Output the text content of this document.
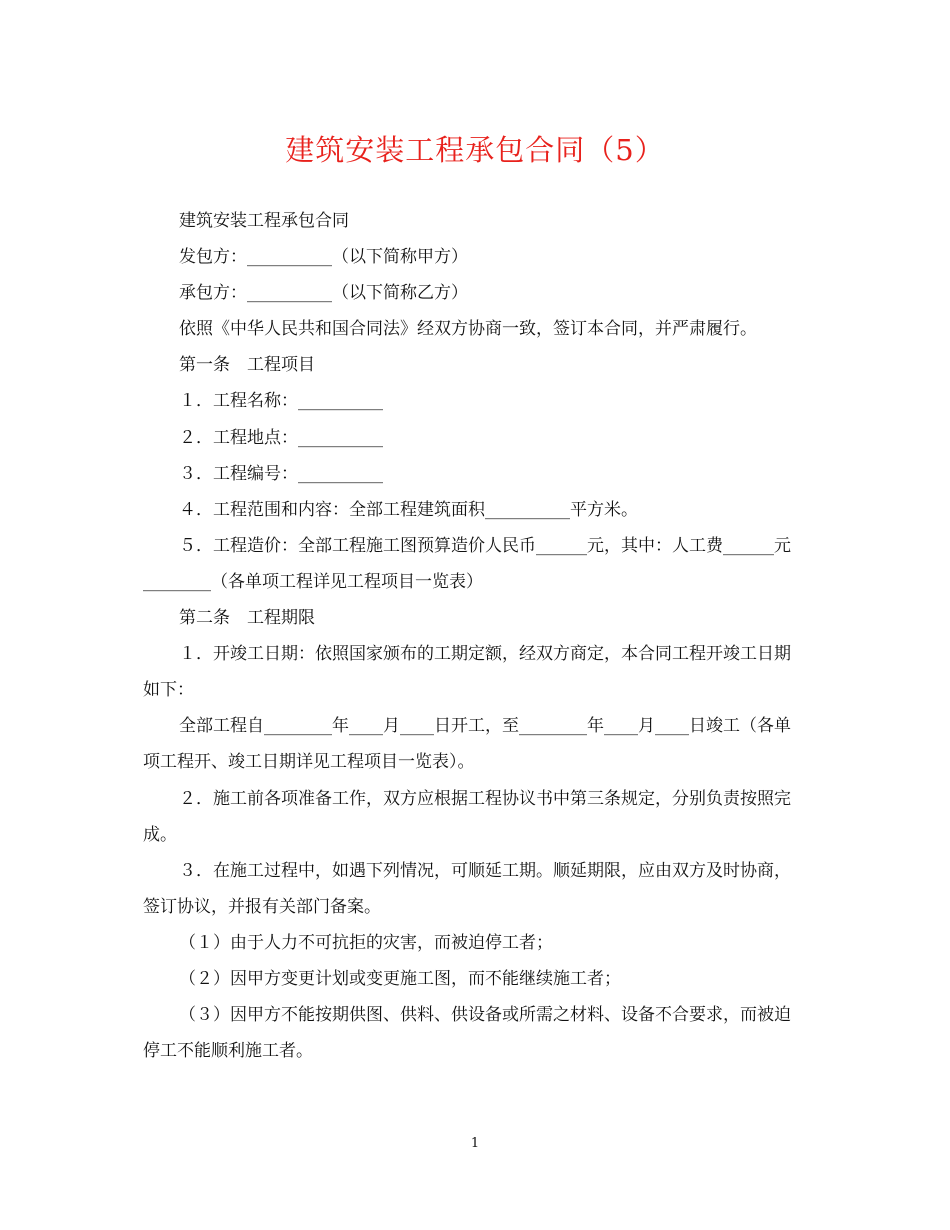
建筑安装工程承包合同（5）

建筑安装工程承包合同

发包方：__________（以下简称甲方）

承包方：__________（以下简称乙方）

依照《中华人民共和国合同法》经双方协商一致，签订本合同，并严肃履行。

第一条　工程项目

１．工程名称：__________

２．工程地点：__________

３．工程编号：__________

４．工程范围和内容：全部工程建筑面积__________平方米。

５．工程造价：全部工程施工图预算造价人民币______元，其中：人工费______元________（各单项工程详见工程项目一览表）

第二条　工程期限

１．开竣工日期：依照国家颁布的工期定额，经双方商定，本合同工程开竣工日期如下：

全部工程自________年____月____日开工，至________年____月____日竣工（各单项工程开、竣工日期详见工程项目一览表）。

２．施工前各项准备工作，双方应根据工程协议书中第三条规定，分别负责按照完成。

３．在施工过程中，如遇下列情况，可顺延工期。顺延期限，应由双方及时协商，签订协议，并报有关部门备案。

（１）由于人力不可抗拒的灾害，而被迫停工者；

（２）因甲方变更计划或变更施工图，而不能继续施工者；

（３）因甲方不能按期供图、供料、供设备或所需之材料、设备不合要求，而被迫停工不能顺利施工者。

1
